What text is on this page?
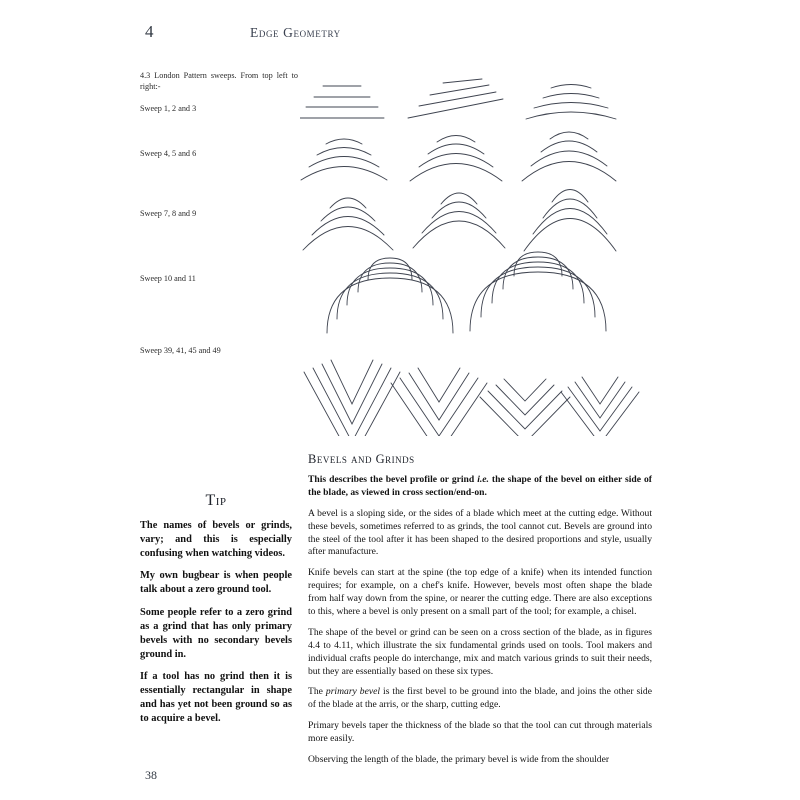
4	Edge Geometry
4.3 London Pattern sweeps. From top left to right:-
Sweep 1, 2 and 3
Sweep 4, 5 and 6
Sweep 7, 8 and 9
Sweep 10 and 11
Sweep 39, 41, 45 and 49
Tip
The names of bevels or grinds, vary; and this is especially confusing when watching videos.
My own bugbear is when people talk about a zero ground tool.
Some people refer to a zero grind as a grind that has only primary bevels with no secondary bevels ground in.
If a tool has no grind then it is essentially rectangular in shape and has yet not been ground so as to acquire a bevel.
Bevels and Grinds
This describes the bevel profile or grind i.e. the shape of the bevel on either side of the blade, as viewed in cross section/end-on.
A bevel is a sloping side, or the sides of a blade which meet at the cutting edge. Without these bevels, sometimes referred to as grinds, the tool cannot cut. Bevels are ground into the steel of the tool after it has been shaped to the desired proportions and style, usually after manufacture.
Knife bevels can start at the spine (the top edge of a knife) when its intended function requires; for example, on a chef's knife. However, bevels most often shape the blade from half way down from the spine, or nearer the cutting edge. There are also exceptions to this, where a bevel is only present on a small part of the tool; for example, a chisel.
The shape of the bevel or grind can be seen on a cross section of the blade, as in figures 4.4 to 4.11, which illustrate the six fundamental grinds used on tools. Tool makers and individual crafts people do interchange, mix and match various grinds to suit their needs, but they are essentially based on these six types.
The primary bevel is the first bevel to be ground into the blade, and joins the other side of the blade at the arris, or the sharp, cutting edge.
Primary bevels taper the thickness of the blade so that the tool can cut through materials more easily.
Observing the length of the blade, the primary bevel is wide from the shoulder
38
